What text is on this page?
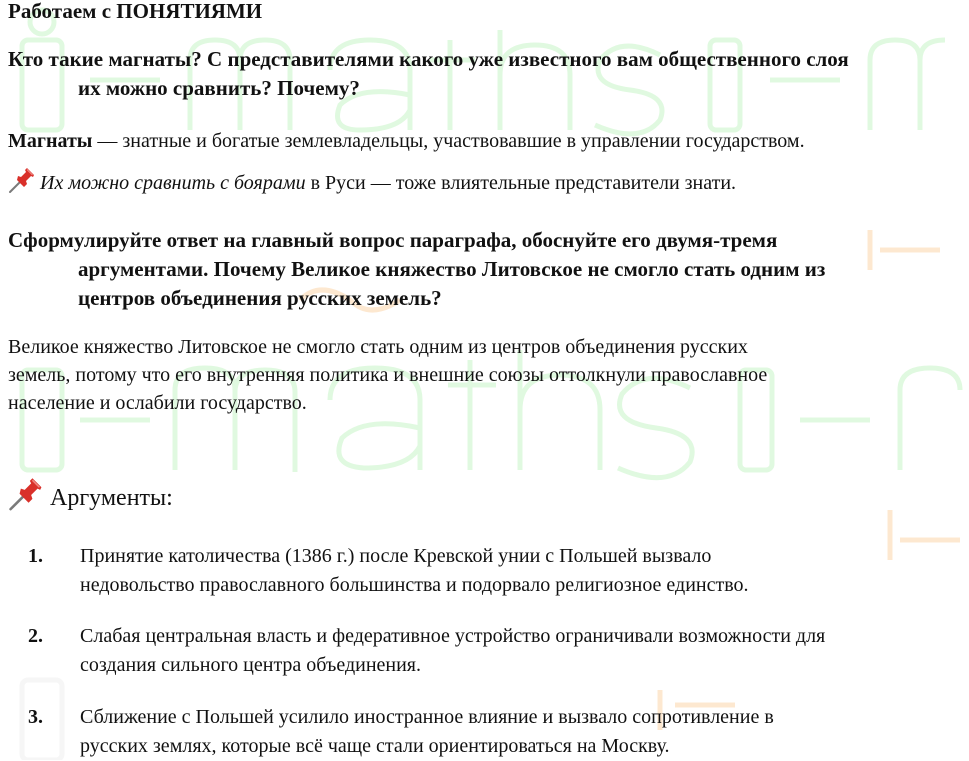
Работаем с ПОНЯТИЯМИ
Кто такие магнаты? С представителями какого уже известного вам общественного слоя
их можно сравнить? Почему?
Магнаты — знатные и богатые землевладельцы, участвовавшие в управлении государством.
Их можно сравнить с боярами в Руси — тоже влиятельные представители знати.
Сформулируйте ответ на главный вопрос параграфа, обоснуйте его двумя-тремя
аргументами. Почему Великое княжество Литовское не смогло стать одним из
центров объединения русских земель?
Великое княжество Литовское не смогло стать одним из центров объединения русских
земель, потому что его внутренняя политика и внешние союзы оттолкнули православное
население и ослабили государство.
Аргументы:
1. Принятие католичества (1386 г.) после Кревской унии с Польшей вызвало
недовольство православного большинства и подорвало религиозное единство.
2. Слабая центральная власть и федеративное устройство ограничивали возможности для
создания сильного центра объединения.
3. Сближение с Польшей усилило иностранное влияние и вызвало сопротивление в
русских землях, которые всё чаще стали ориентироваться на Москву.
